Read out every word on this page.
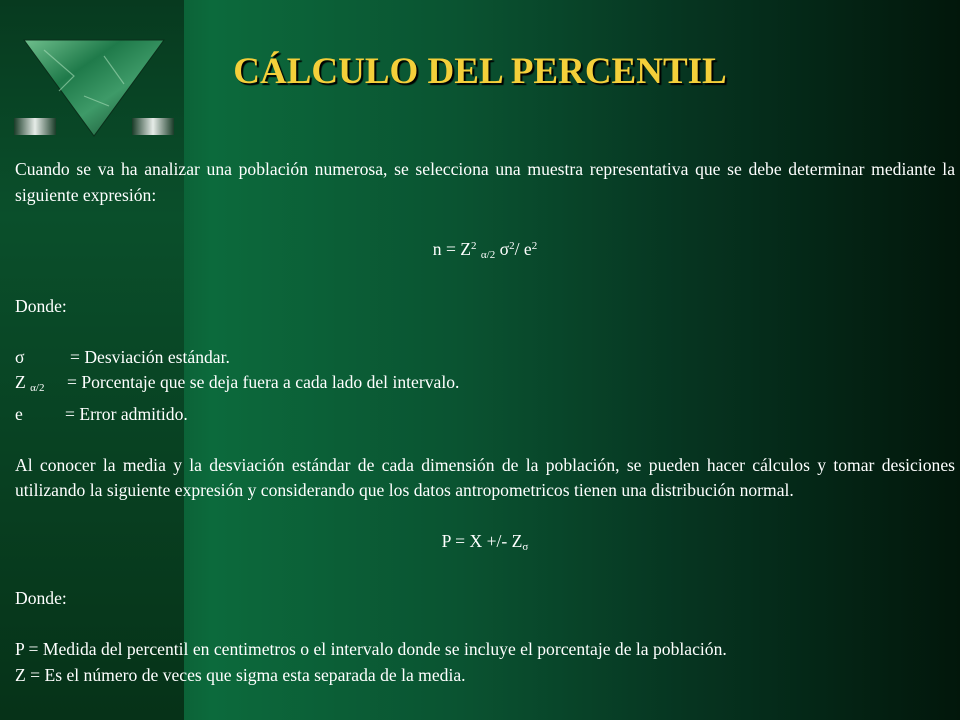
CÁLCULO DEL PERCENTIL
Cuando se va ha analizar una población numerosa, se selecciona una muestra representativa que se debe determinar mediante la siguiente expresión:
$n = Z^2$ $_{\alpha/2}$ $\sigma^2/$ $e^2$
Donde:
σ	= Desviación estándar.
Z $_{\alpha/2}$ = Porcentaje que se deja fuera a cada lado del intervalo.
e = Error admitido.
Al conocer la media y la desviación estándar de cada dimensión de la población, se pueden hacer cálculos y tomar desiciones utilizando la siguiente expresión y considerando que los datos antropometricos tienen una distribución normal.
P = X +/- $Z_\sigma$
Donde:
P = Medida del percentil en centimetros o el intervalo donde se incluye el porcentaje de la población.
Z = Es el número de veces que sigma esta separada de la media.
